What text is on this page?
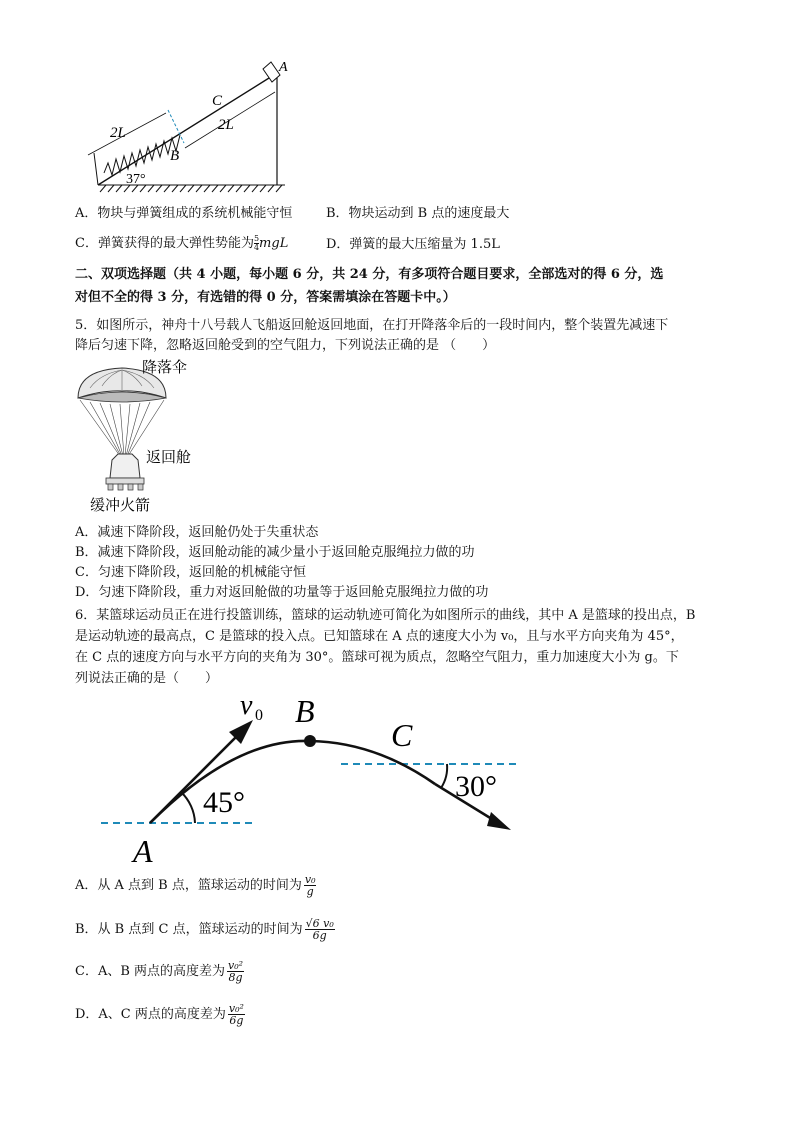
2L
C
2L
B
A
37°
A．物块与弹簧组成的系统机械能守恒	B．物块运动到 B 点的速度最大
C．弹簧获得的最大弹性势能为 $\frac{5}{4}$ mgL	D．弹簧的最大压缩量为 1.5L
二、双项选择题（共 4 小题，每小题 6 分，共 24 分，有多项符合题目要求，全部选对的得 6 分，选
对但不全的得 3 分，有选错的得 0 分，答案需填涂在答题卡中。）
5．如图所示，神舟十八号载人飞船返回舱返回地面，在打开降落伞后的一段时间内，整个装置先减速下
降后匀速下降，忽略返回舱受到的空气阻力，下列说法正确的是 （　　）
降落伞
返回舱
缓冲火箭
A．减速下降阶段，返回舱仍处于失重状态
B．减速下降阶段，返回舱动能的减少量小于返回舱克服绳拉力做的功
C．匀速下降阶段，返回舱的机械能守恒
D．匀速下降阶段，重力对返回舱做的功量等于返回舱克服绳拉力做的功
6．某篮球运动员正在进行投篮训练，篮球的运动轨迹可简化为如图所示的曲线，其中 A 是篮球的投出点，B
是运动轨迹的最高点，C 是篮球的投入点。已知篮球在 A 点的速度大小为 v₀，且与水平方向夹角为 45°，
在 C 点的速度方向与水平方向的夹角为 30°。篮球可视为质点，忽略空气阻力，重力加速度大小为 g。下
列说法正确的是（　　）
A
B
C
v 0
45°	30°
A．从 A 点到 B 点，篮球运动的时间为 $\frac{\text{v₀}}{g}$
B．从 B 点到 C 点，篮球运动的时间为 $\frac{\text{√6 v₀}}{6g}$
C．A、B 两点的高度差为 $\frac{\text{v₀²}}{8g}$
D．A、C 两点的高度差为 $\frac{\text{v₀²}}{6g}$
